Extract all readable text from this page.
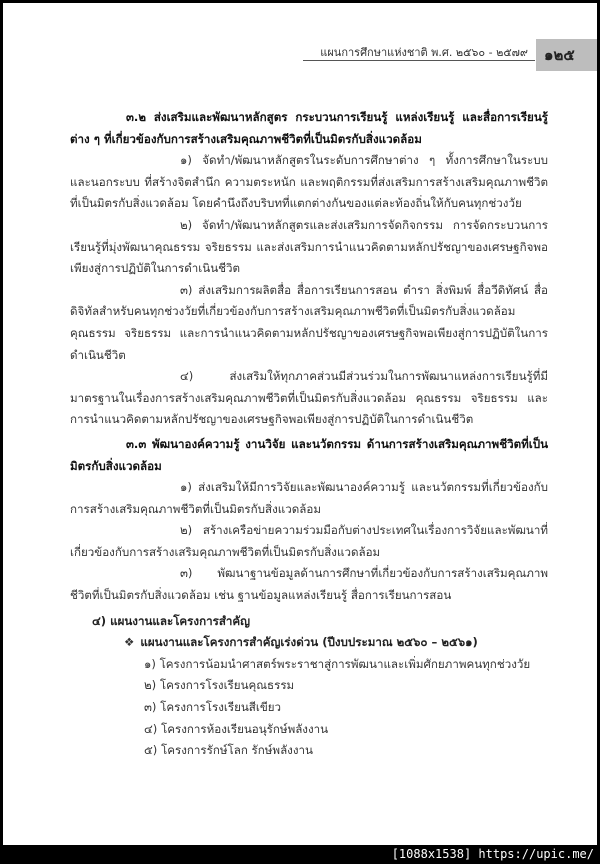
แผนการศึกษาแห่งชาติ พ.ศ. ๒๕๖๐ - ๒๕๗๙	๑๒๕

๓.๒ ส่งเสริมและพัฒนาหลักสูตร กระบวนการเรียนรู้ แหล่งเรียนรู้ และสื่อการเรียนรู้ต่าง ๆ ที่เกี่ยวข้องกับการสร้างเสริมคุณภาพชีวิตที่เป็นมิตรกับสิ่งแวดล้อม

๑) จัดทำ/พัฒนาหลักสูตรในระดับการศึกษาต่าง ๆ ทั้งการศึกษาในระบบและนอกระบบ ที่สร้างจิตสำนึก ความตระหนัก และพฤติกรรมที่ส่งเสริมการสร้างเสริมคุณภาพชีวิตที่เป็นมิตรกับสิ่งแวดล้อม โดยคำนึงถึงบริบทที่แตกต่างกันของแต่ละท้องถิ่นให้กับคนทุกช่วงวัย

๒) จัดทำ/พัฒนาหลักสูตรและส่งเสริมการจัดกิจกรรม การจัดกระบวนการเรียนรู้ที่มุ่งพัฒนาคุณธรรม จริยธรรม และส่งเสริมการนำแนวคิดตามหลักปรัชญาของเศรษฐกิจพอเพียงสู่การปฏิบัติในการดำเนินชีวิต

๓) ส่งเสริมการผลิตสื่อ สื่อการเรียนการสอน ตำรา สิ่งพิมพ์ สื่อวีดิทัศน์ สื่อดิจิทัลสำหรับคนทุกช่วงวัยที่เกี่ยวข้องกับการสร้างเสริมคุณภาพชีวิตที่เป็นมิตรกับสิ่งแวดล้อม คุณธรรม จริยธรรม และการนำแนวคิดตามหลักปรัชญาของเศรษฐกิจพอเพียงสู่การปฏิบัติในการดำเนินชีวิต

๔) ส่งเสริมให้ทุกภาคส่วนมีส่วนร่วมในการพัฒนาแหล่งการเรียนรู้ที่มีมาตรฐานในเรื่องการสร้างเสริมคุณภาพชีวิตที่เป็นมิตรกับสิ่งแวดล้อม คุณธรรม จริยธรรม และการนำแนวคิดตามหลักปรัชญาของเศรษฐกิจพอเพียงสู่การปฏิบัติในการดำเนินชีวิต

๓.๓ พัฒนาองค์ความรู้ งานวิจัย และนวัตกรรม ด้านการสร้างเสริมคุณภาพชีวิตที่เป็นมิตรกับสิ่งแวดล้อม

๑) ส่งเสริมให้มีการวิจัยและพัฒนาองค์ความรู้ และนวัตกรรมที่เกี่ยวข้องกับการสร้างเสริมคุณภาพชีวิตที่เป็นมิตรกับสิ่งแวดล้อม

๒) สร้างเครือข่ายความร่วมมือกับต่างประเทศในเรื่องการวิจัยและพัฒนาที่เกี่ยวข้องกับการสร้างเสริมคุณภาพชีวิตที่เป็นมิตรกับสิ่งแวดล้อม

๓) พัฒนาฐานข้อมูลด้านการศึกษาที่เกี่ยวข้องกับการสร้างเสริมคุณภาพชีวิตที่เป็นมิตรกับสิ่งแวดล้อม เช่น ฐานข้อมูลแหล่งเรียนรู้ สื่อการเรียนการสอน

๔) แผนงานและโครงการสำคัญ

❖ แผนงานและโครงการสำคัญเร่งด่วน (ปีงบประมาณ ๒๕๖๐ – ๒๕๖๑)

๑) โครงการน้อมนำศาสตร์พระราชาสู่การพัฒนาและเพิ่มศักยภาพคนทุกช่วงวัย

๒) โครงการโรงเรียนคุณธรรม

๓) โครงการโรงเรียนสีเขียว

๔) โครงการห้องเรียนอนุรักษ์พลังงาน

๕) โครงการรักษ์โลก รักษ์พลังงาน

[1088x1538] https://upic.me/
